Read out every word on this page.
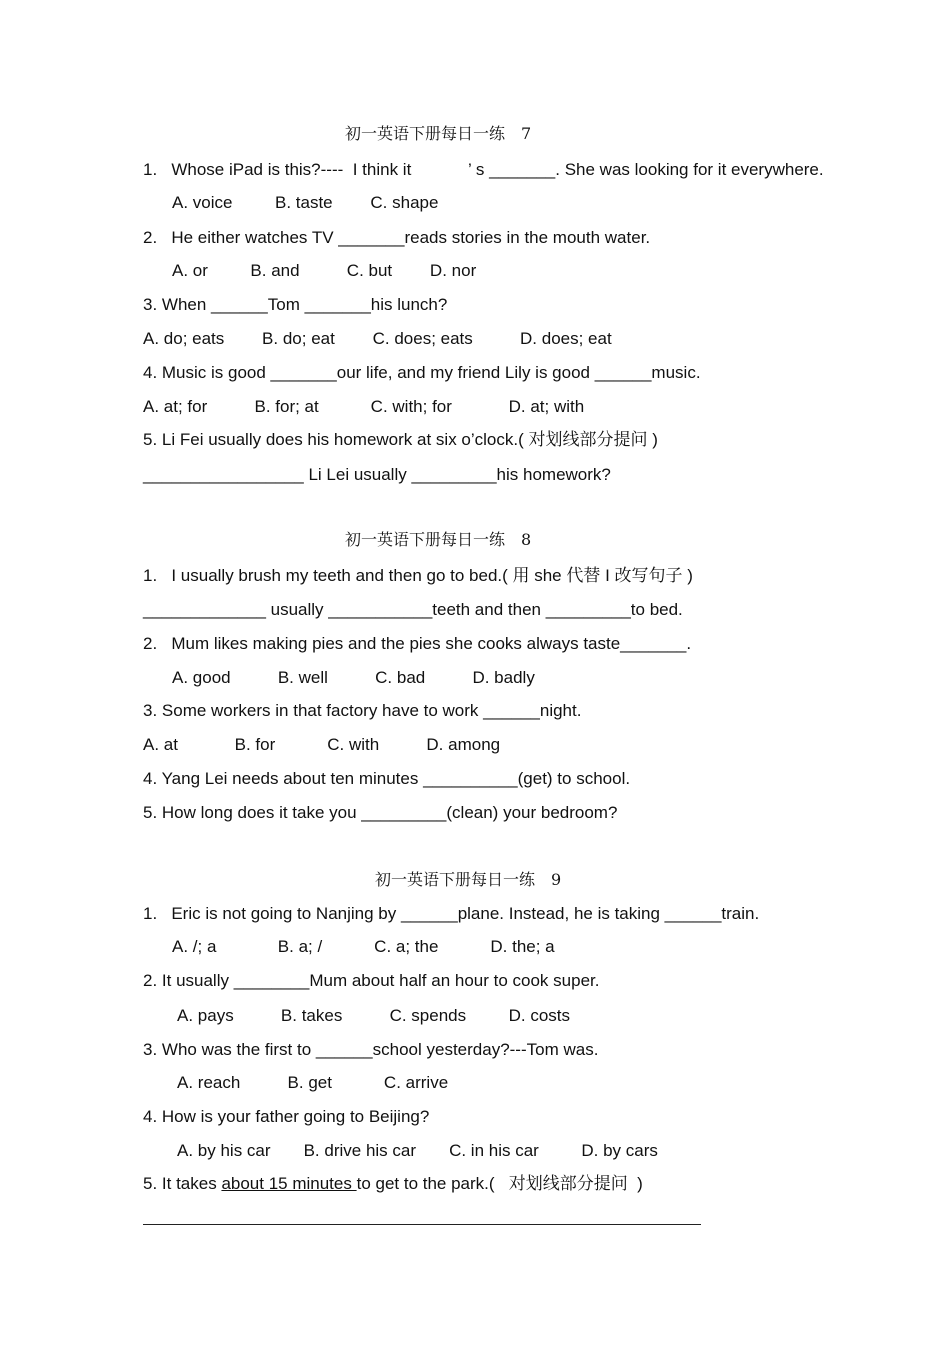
初一英语下册每日一练　7
1.   Whose iPad is this?----  I think it            ’ s _______. She was looking for it everywhere.
A. voice         B. taste        C. shape
2.   He either watches TV _______reads stories in the mouth water.
A. or         B. and          C. but        D. nor
3. When ______Tom _______his lunch?
A. do; eats        B. do; eat        C. does; eats          D. does; eat
4. Music is good _______our life, and my friend Lily is good ______music.
A. at; for          B. for; at           C. with; for            D. at; with
5. Li Fei usually does his homework at six o’clock.( 对划线部分提问 )
_________________ Li Lei usually _________his homework?
初一英语下册每日一练　8
1.   I usually brush my teeth and then go to bed.( 用 she 代替 I 改写句子 )
_____________ usually ___________teeth and then _________to bed.
2.   Mum likes making pies and the pies she cooks always taste_______.
A. good          B. well          C. bad          D. badly
3. Some workers in that factory have to work ______night.
A. at            B. for           C. with          D. among
4. Yang Lei needs about ten minutes __________(get) to school.
5. How long does it take you _________(clean) your bedroom?
初一英语下册每日一练　9
1.   Eric is not going to Nanjing by ______plane. Instead, he is taking ______train.
A. /; a             B. a; /           C. a; the           D. the; a
2. It usually ________Mum about half an hour to cook super.
A. pays          B. takes          C. spends         D. costs
3. Who was the first to ______school yesterday?---Tom was.
A. reach          B. get           C. arrive
4. How is your father going to Beijing?
A. by his car       B. drive his car       C. in his car         D. by cars
5. It takes about 15 minutes to get to the park.(   对划线部分提问  )
